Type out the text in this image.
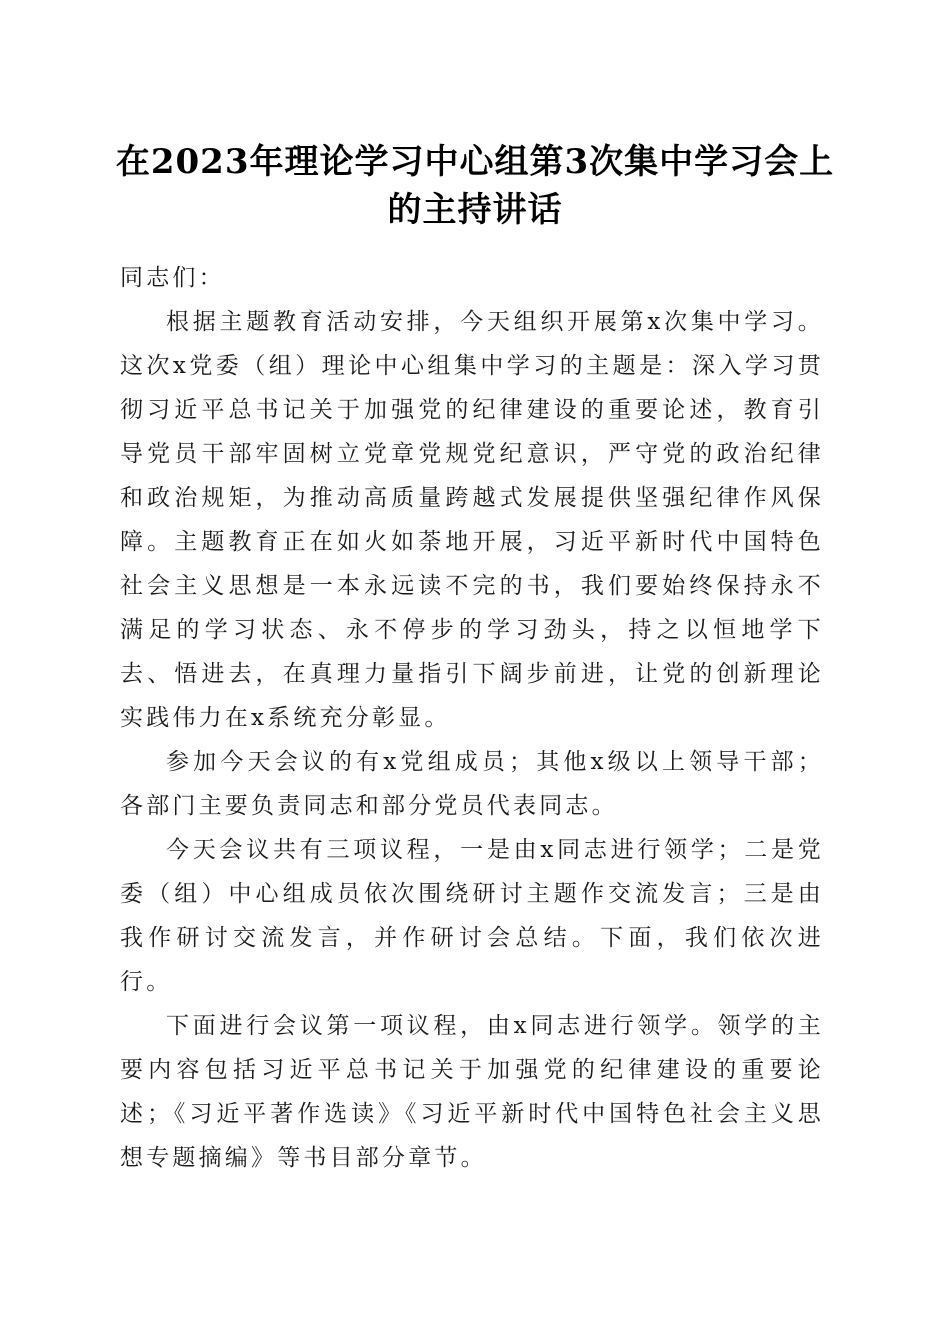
在2023年理论学习中心组第3次集中学习会上的主持讲话

同志们：

根据主题教育活动安排，今天组织开展第x次集中学习。这次x党委（组）理论中心组集中学习的主题是：深入学习贯彻习近平总书记关于加强党的纪律建设的重要论述，教育引导党员干部牢固树立党章党规党纪意识，严守党的政治纪律和政治规矩，为推动高质量跨越式发展提供坚强纪律作风保障。主题教育正在如火如荼地开展，习近平新时代中国特色社会主义思想是一本永远读不完的书，我们要始终保持永不满足的学习状态、永不停步的学习劲头，持之以恒地学下去、悟进去，在真理力量指引下阔步前进，让党的创新理论实践伟力在x系统充分彰显。

参加今天会议的有x党组成员；其他x级以上领导干部；各部门主要负责同志和部分党员代表同志。

今天会议共有三项议程，一是由x同志进行领学；二是党委（组）中心组成员依次围绕研讨主题作交流发言；三是由我作研讨交流发言，并作研讨会总结。下面，我们依次进行。

下面进行会议第一项议程，由x同志进行领学。领学的主要内容包括习近平总书记关于加强党的纪律建设的重要论述；《习近平著作选读》《习近平新时代中国特色社会主义思想专题摘编》等书目部分章节。
